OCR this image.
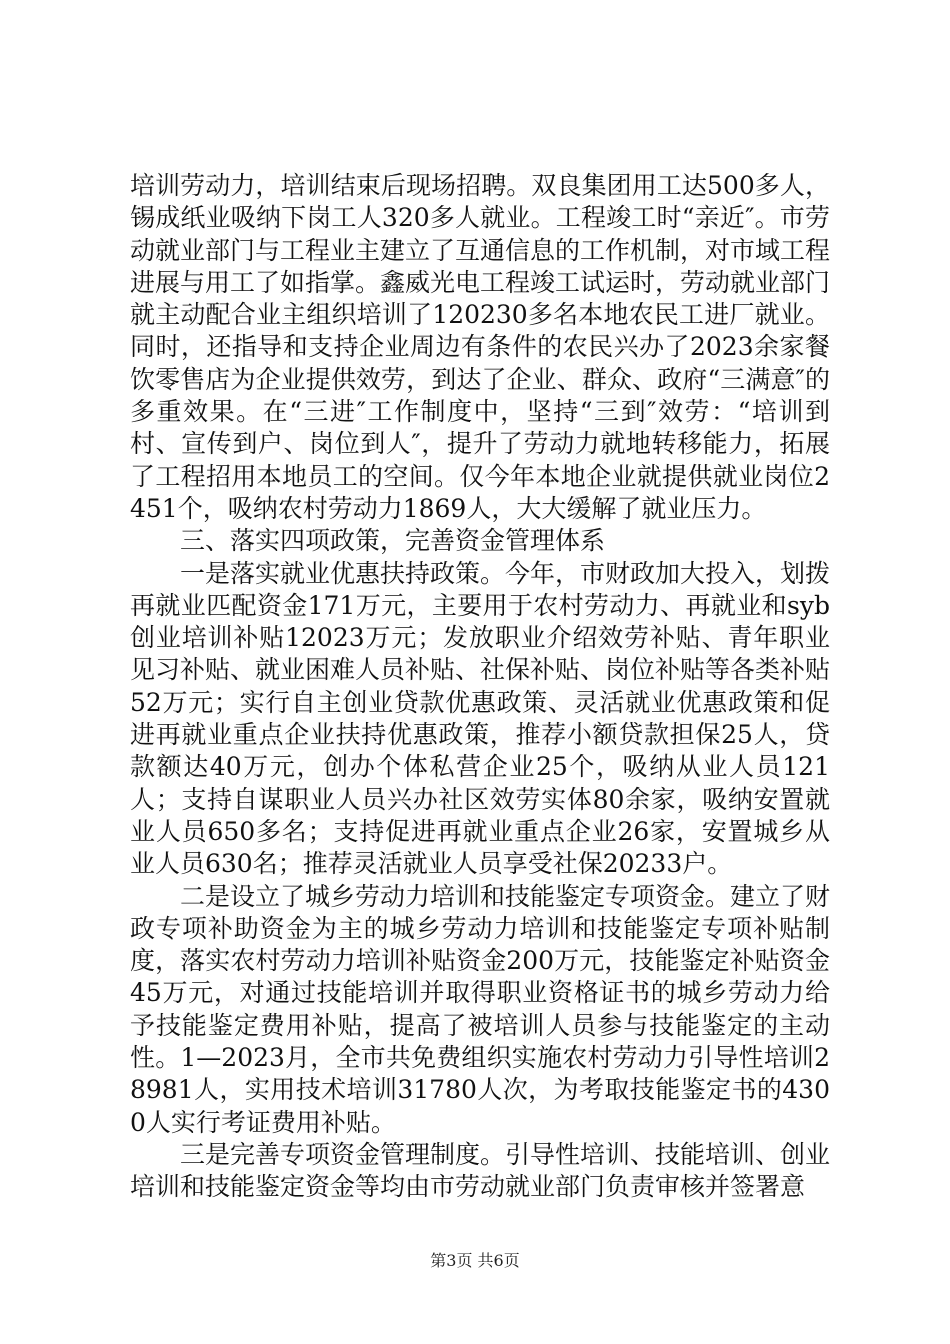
培训劳动力，培训结束后现场招聘。双良集团用工达500多人，锡成纸业吸纳下岗工人320多人就业。工程竣工时“亲近″。市劳动就业部门与工程业主建立了互通信息的工作机制，对市域工程进展与用工了如指掌。鑫威光电工程竣工试运时，劳动就业部门就主动配合业主组织培训了120230多名本地农民工进厂就业。同时，还指导和支持企业周边有条件的农民兴办了2023余家餐饮零售店为企业提供效劳，到达了企业、群众、政府“三满意″的多重效果。在“三进″工作制度中，坚持“三到″效劳：“培训到村、宣传到户、岗位到人″，提升了劳动力就地转移能力，拓展了工程招用本地员工的空间。仅今年本地企业就提供就业岗位2451个，吸纳农村劳动力1869人，大大缓解了就业压力。

三、落实四项政策，完善资金管理体系

一是落实就业优惠扶持政策。今年，市财政加大投入，划拨再就业匹配资金171万元，主要用于农村劳动力、再就业和syb创业培训补贴12023万元；发放职业介绍效劳补贴、青年职业见习补贴、就业困难人员补贴、社保补贴、岗位补贴等各类补贴52万元；实行自主创业贷款优惠政策、灵活就业优惠政策和促进再就业重点企业扶持优惠政策，推荐小额贷款担保25人，贷款额达40万元，创办个体私营企业25个，吸纳从业人员121人；支持自谋职业人员兴办社区效劳实体80余家，吸纳安置就业人员650多名；支持促进再就业重点企业26家，安置城乡从业人员630名；推荐灵活就业人员享受社保20233户。

二是设立了城乡劳动力培训和技能鉴定专项资金。建立了财政专项补助资金为主的城乡劳动力培训和技能鉴定专项补贴制度，落实农村劳动力培训补贴资金200万元，技能鉴定补贴资金45万元，对通过技能培训并取得职业资格证书的城乡劳动力给予技能鉴定费用补贴，提高了被培训人员参与技能鉴定的主动性。1—2023月，全市共免费组织实施农村劳动力引导性培训28981人，实用技术培训31780人次，为考取技能鉴定书的4300人实行考证费用补贴。

三是完善专项资金管理制度。引导性培训、技能培训、创业培训和技能鉴定资金等均由市劳动就业部门负责审核并签署意

第3页 共6页
